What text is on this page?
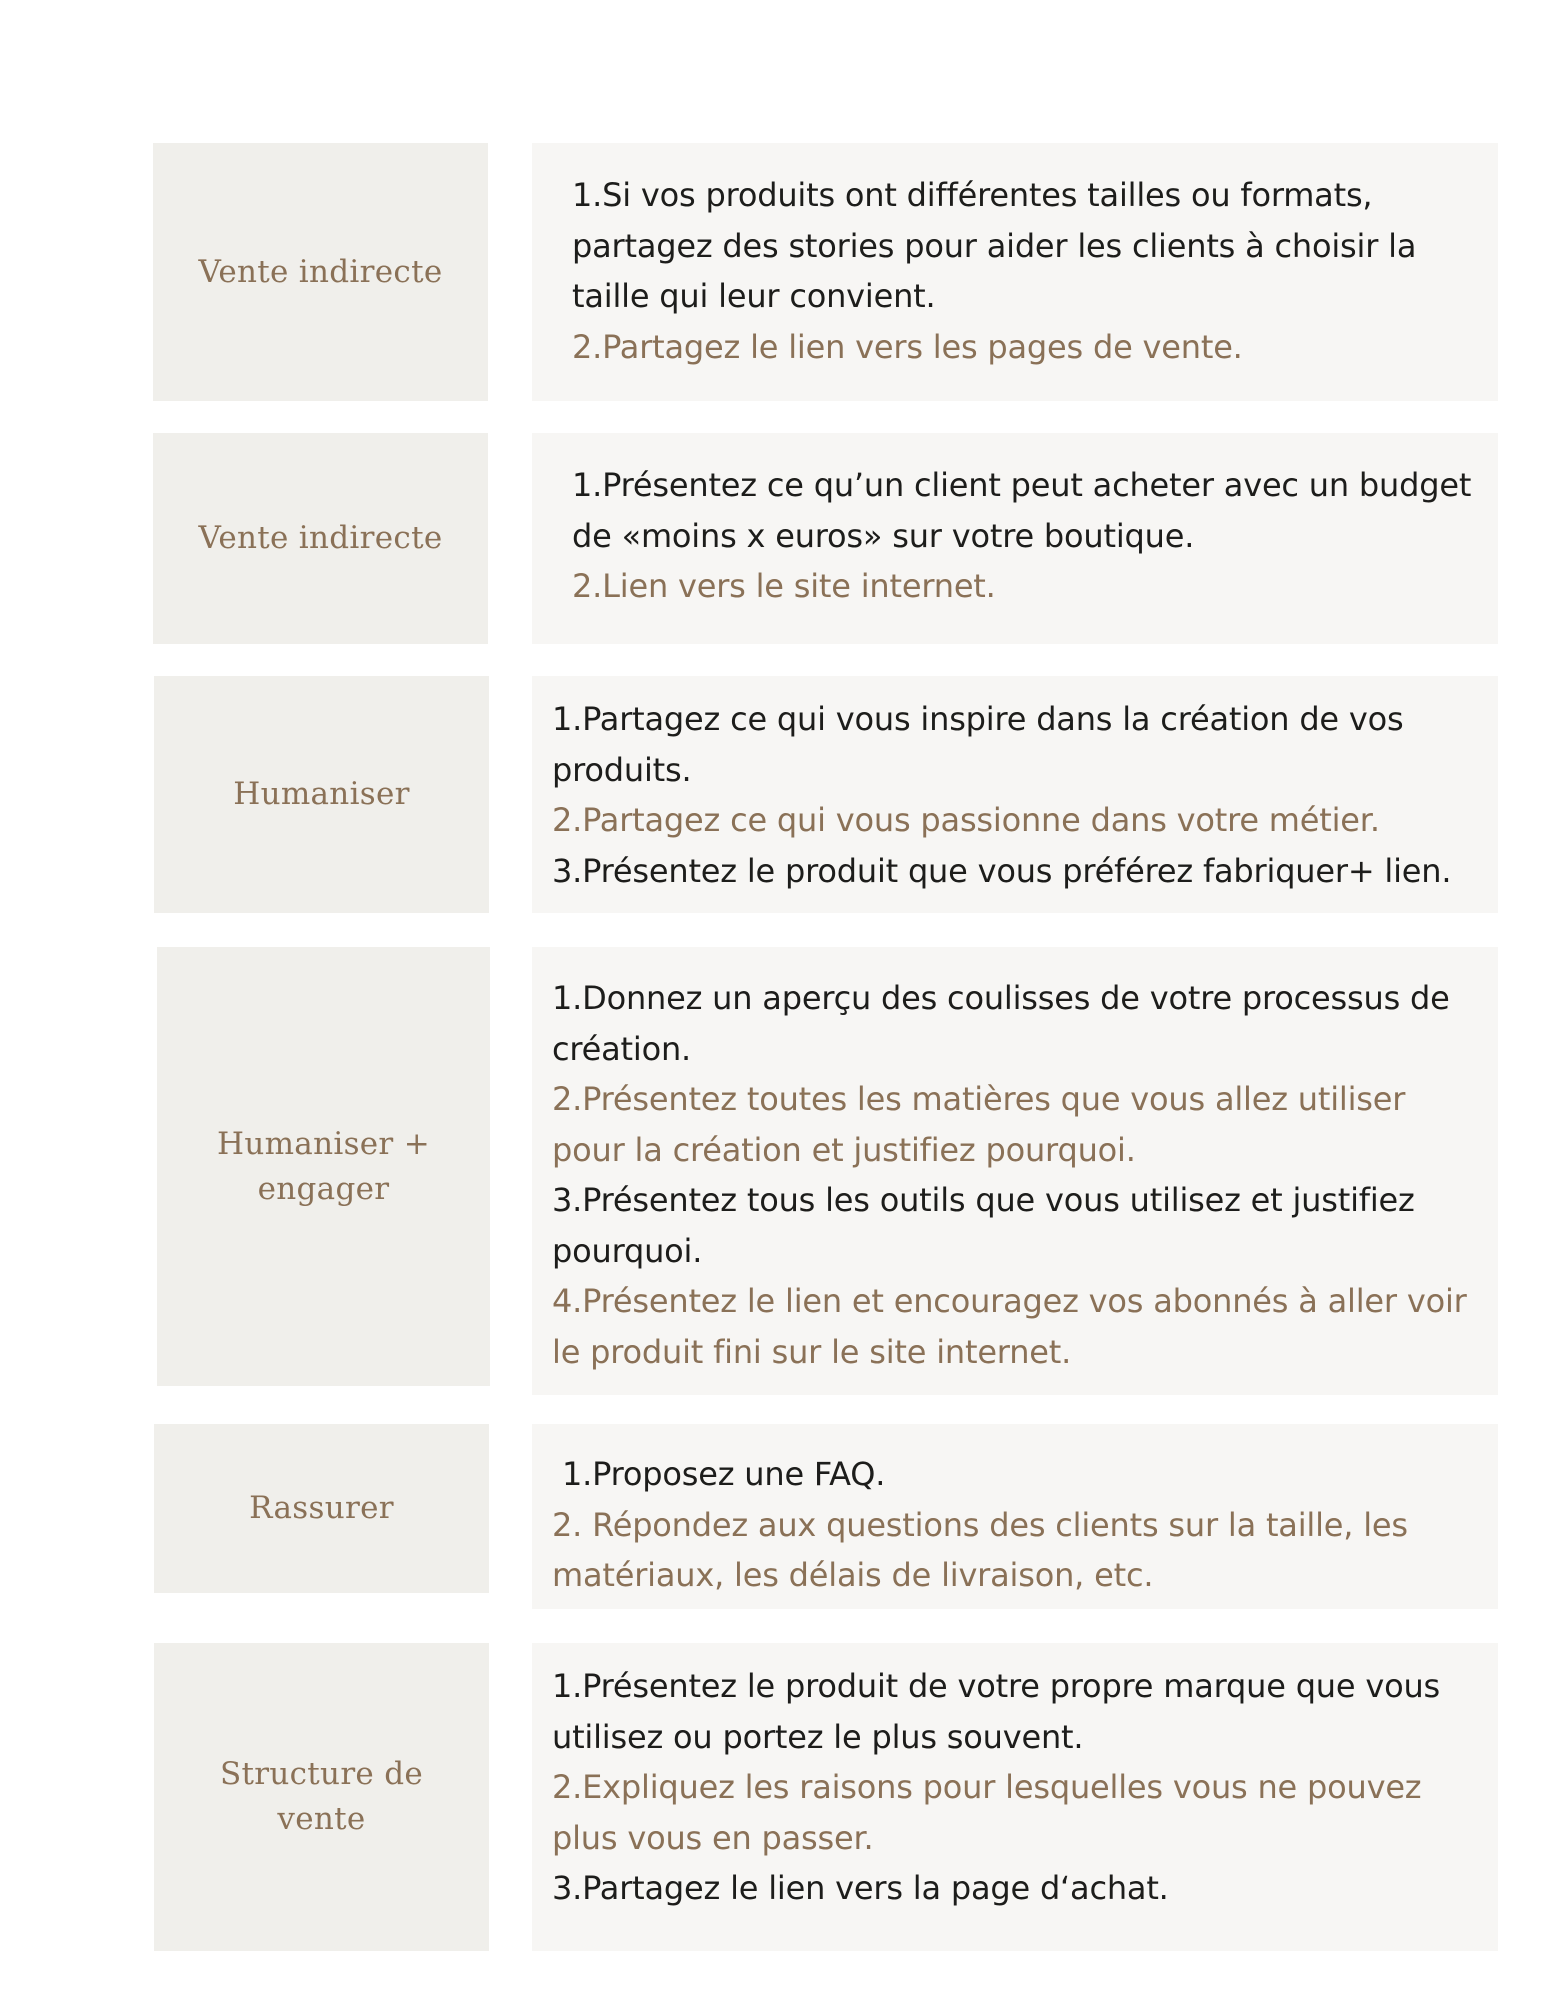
Vente indirecte
1.Si vos produits ont différentes tailles ou formats, partagez des stories pour aider les clients à choisir la taille qui leur convient.
2.Partagez le lien vers les pages de vente.
Vente indirecte
1.Présentez ce qu’un client peut acheter avec un budget de «moins x euros» sur votre boutique.
2.Lien vers le site internet.
Humaniser
1.Partagez ce qui vous inspire dans la création de vos produits.
2.Partagez ce qui vous passionne dans votre métier.
3.Présentez le produit que vous préférez fabriquer+ lien.
Humaniser + engager
1.Donnez un aperçu des coulisses de votre processus de création.
2.Présentez toutes les matières que vous allez utiliser pour la création et justifiez pourquoi.
3.Présentez tous les outils que vous utilisez et justifiez pourquoi.
4.Présentez le lien et encouragez vos abonnés à aller voir le produit fini sur le site internet.
Rassurer
1.Proposez une FAQ.
2. Répondez aux questions des clients sur la taille, les matériaux, les délais de livraison, etc.
Structure de vente
1.Présentez le produit de votre propre marque que vous utilisez ou portez le plus souvent.
2.Expliquez les raisons pour lesquelles vous ne pouvez plus vous en passer.
3.Partagez le lien vers la page d‘achat.
